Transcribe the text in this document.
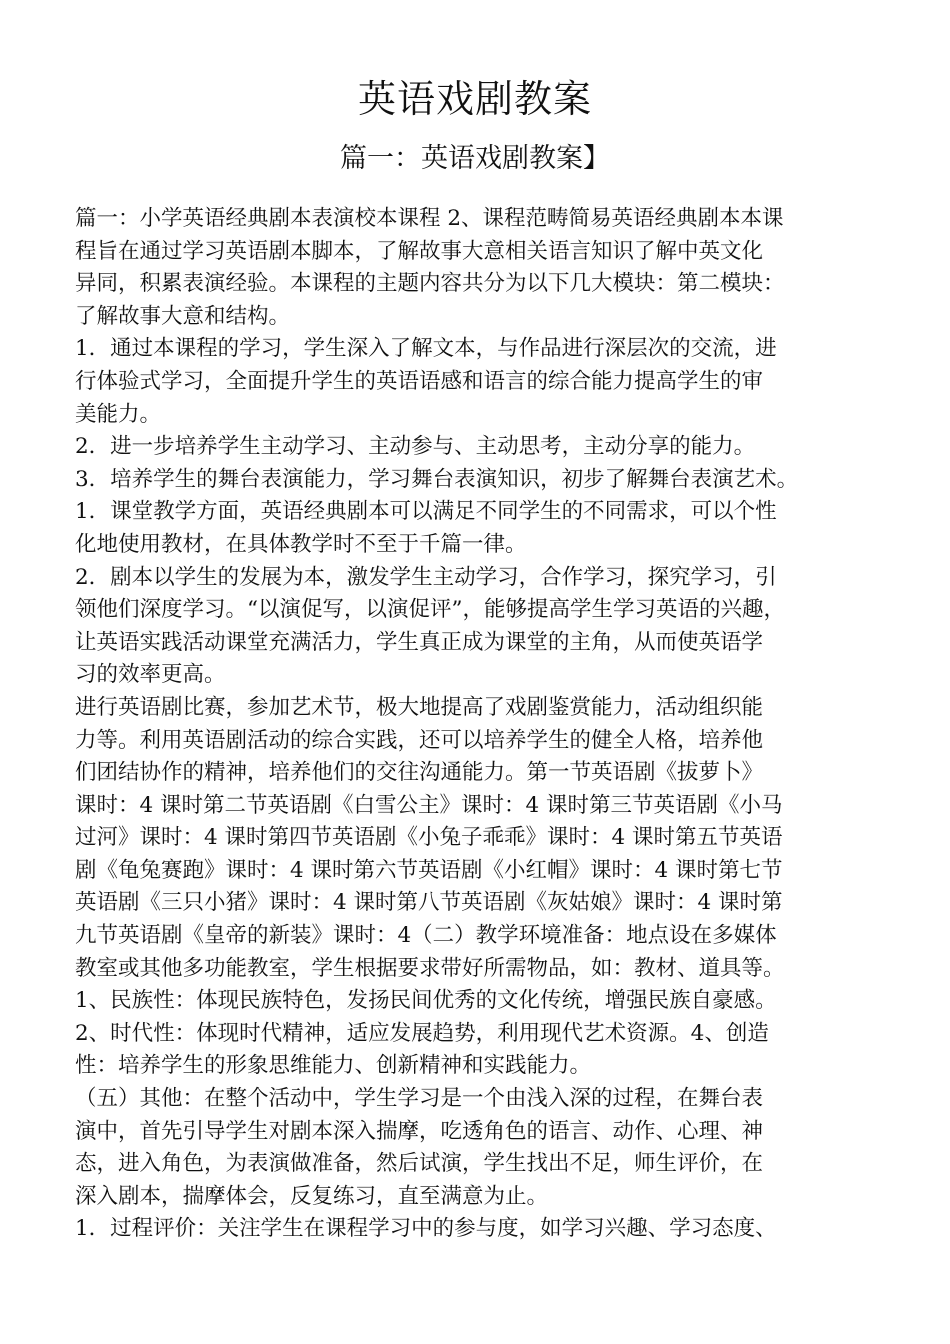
英语戏剧教案
篇一：英语戏剧教案】
篇一：小学英语经典剧本表演校本课程 2、课程范畴简易英语经典剧本本课
程旨在通过学习英语剧本脚本，了解故事大意相关语言知识了解中英文化
异同，积累表演经验。本课程的主题内容共分为以下几大模块：第二模块：
了解故事大意和结构。
1．通过本课程的学习，学生深入了解文本，与作品进行深层次的交流，进
行体验式学习，全面提升学生的英语语感和语言的综合能力提高学生的审
美能力。
2．进一步培养学生主动学习、主动参与、主动思考，主动分享的能力。
3．培养学生的舞台表演能力，学习舞台表演知识，初步了解舞台表演艺术。
1．课堂教学方面，英语经典剧本可以满足不同学生的不同需求，可以个性
化地使用教材，在具体教学时不至于千篇一律。
2．剧本以学生的发展为本，激发学生主动学习，合作学习，探究学习，引
领他们深度学习。“以演促写，以演促评”，能够提高学生学习英语的兴趣，
让英语实践活动课堂充满活力，学生真正成为课堂的主角，从而使英语学
习的效率更高。
进行英语剧比赛，参加艺术节，极大地提高了戏剧鉴赏能力，活动组织能
力等。利用英语剧活动的综合实践，还可以培养学生的健全人格，培养他
们团结协作的精神，培养他们的交往沟通能力。第一节英语剧《拔萝卜》
课时：4 课时第二节英语剧《白雪公主》课时：4 课时第三节英语剧《小马
过河》课时：4 课时第四节英语剧《小兔子乖乖》课时：4 课时第五节英语
剧《龟兔赛跑》课时：4 课时第六节英语剧《小红帽》课时：4 课时第七节
英语剧《三只小猪》课时：4 课时第八节英语剧《灰姑娘》课时：4 课时第
九节英语剧《皇帝的新装》课时：4（二）教学环境准备：地点设在多媒体
教室或其他多功能教室，学生根据要求带好所需物品，如：教材、道具等。
1、民族性：体现民族特色，发扬民间优秀的文化传统，增强民族自豪感。
2、时代性：体现时代精神，适应发展趋势，利用现代艺术资源。4、创造
性：培养学生的形象思维能力、创新精神和实践能力。
（五）其他：在整个活动中，学生学习是一个由浅入深的过程，在舞台表
演中，首先引导学生对剧本深入揣摩，吃透角色的语言、动作、心理、神
态，进入角色，为表演做准备，然后试演，学生找出不足，师生评价，在
深入剧本，揣摩体会，反复练习，直至满意为止。
1．过程评价：关注学生在课程学习中的参与度，如学习兴趣、学习态度、
